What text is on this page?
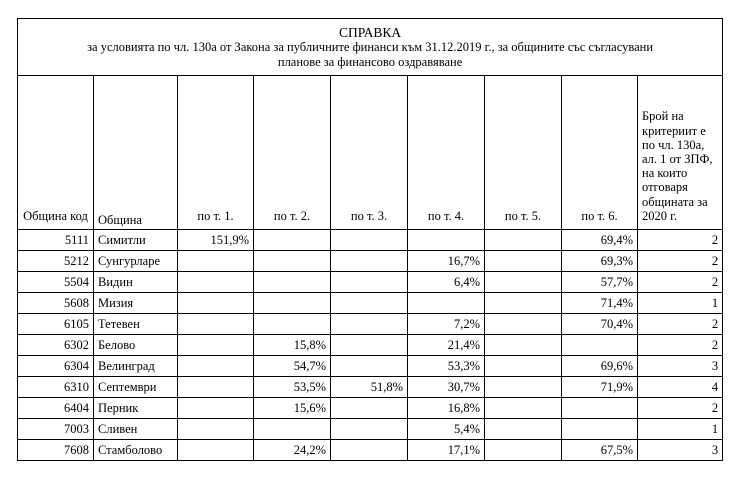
СПРАВКА
за условията по чл. 130а от Закона за публичните финанси към 31.12.2019 г., за общините със съгласувани
планове за финансово оздравяване								

Община код	Община	по т. 1.	по т. 2.	по т. 3.	по т. 4.	по т. 5.	по т. 6.	Брой на критериит е по чл. 130а, ал. 1 от ЗПФ, на които отговаря общината за 2020 г.
5111	Симитли	151,9%					69,4%	2
5212	Сунгурларе				16,7%		69,3%	2
5504	Видин				6,4%		57,7%	2
5608	Мизия						71,4%	1
6105	Тетевен				7,2%		70,4%	2
6302	Белово		15,8%		21,4%			2
6304	Велинград		54,7%		53,3%		69,6%	3
6310	Септември		53,5%	51,8%	30,7%		71,9%	4
6404	Перник		15,6%		16,8%			2
7003	Сливен				5,4%			1
7608	Стамболово		24,2%		17,1%		67,5%	3
